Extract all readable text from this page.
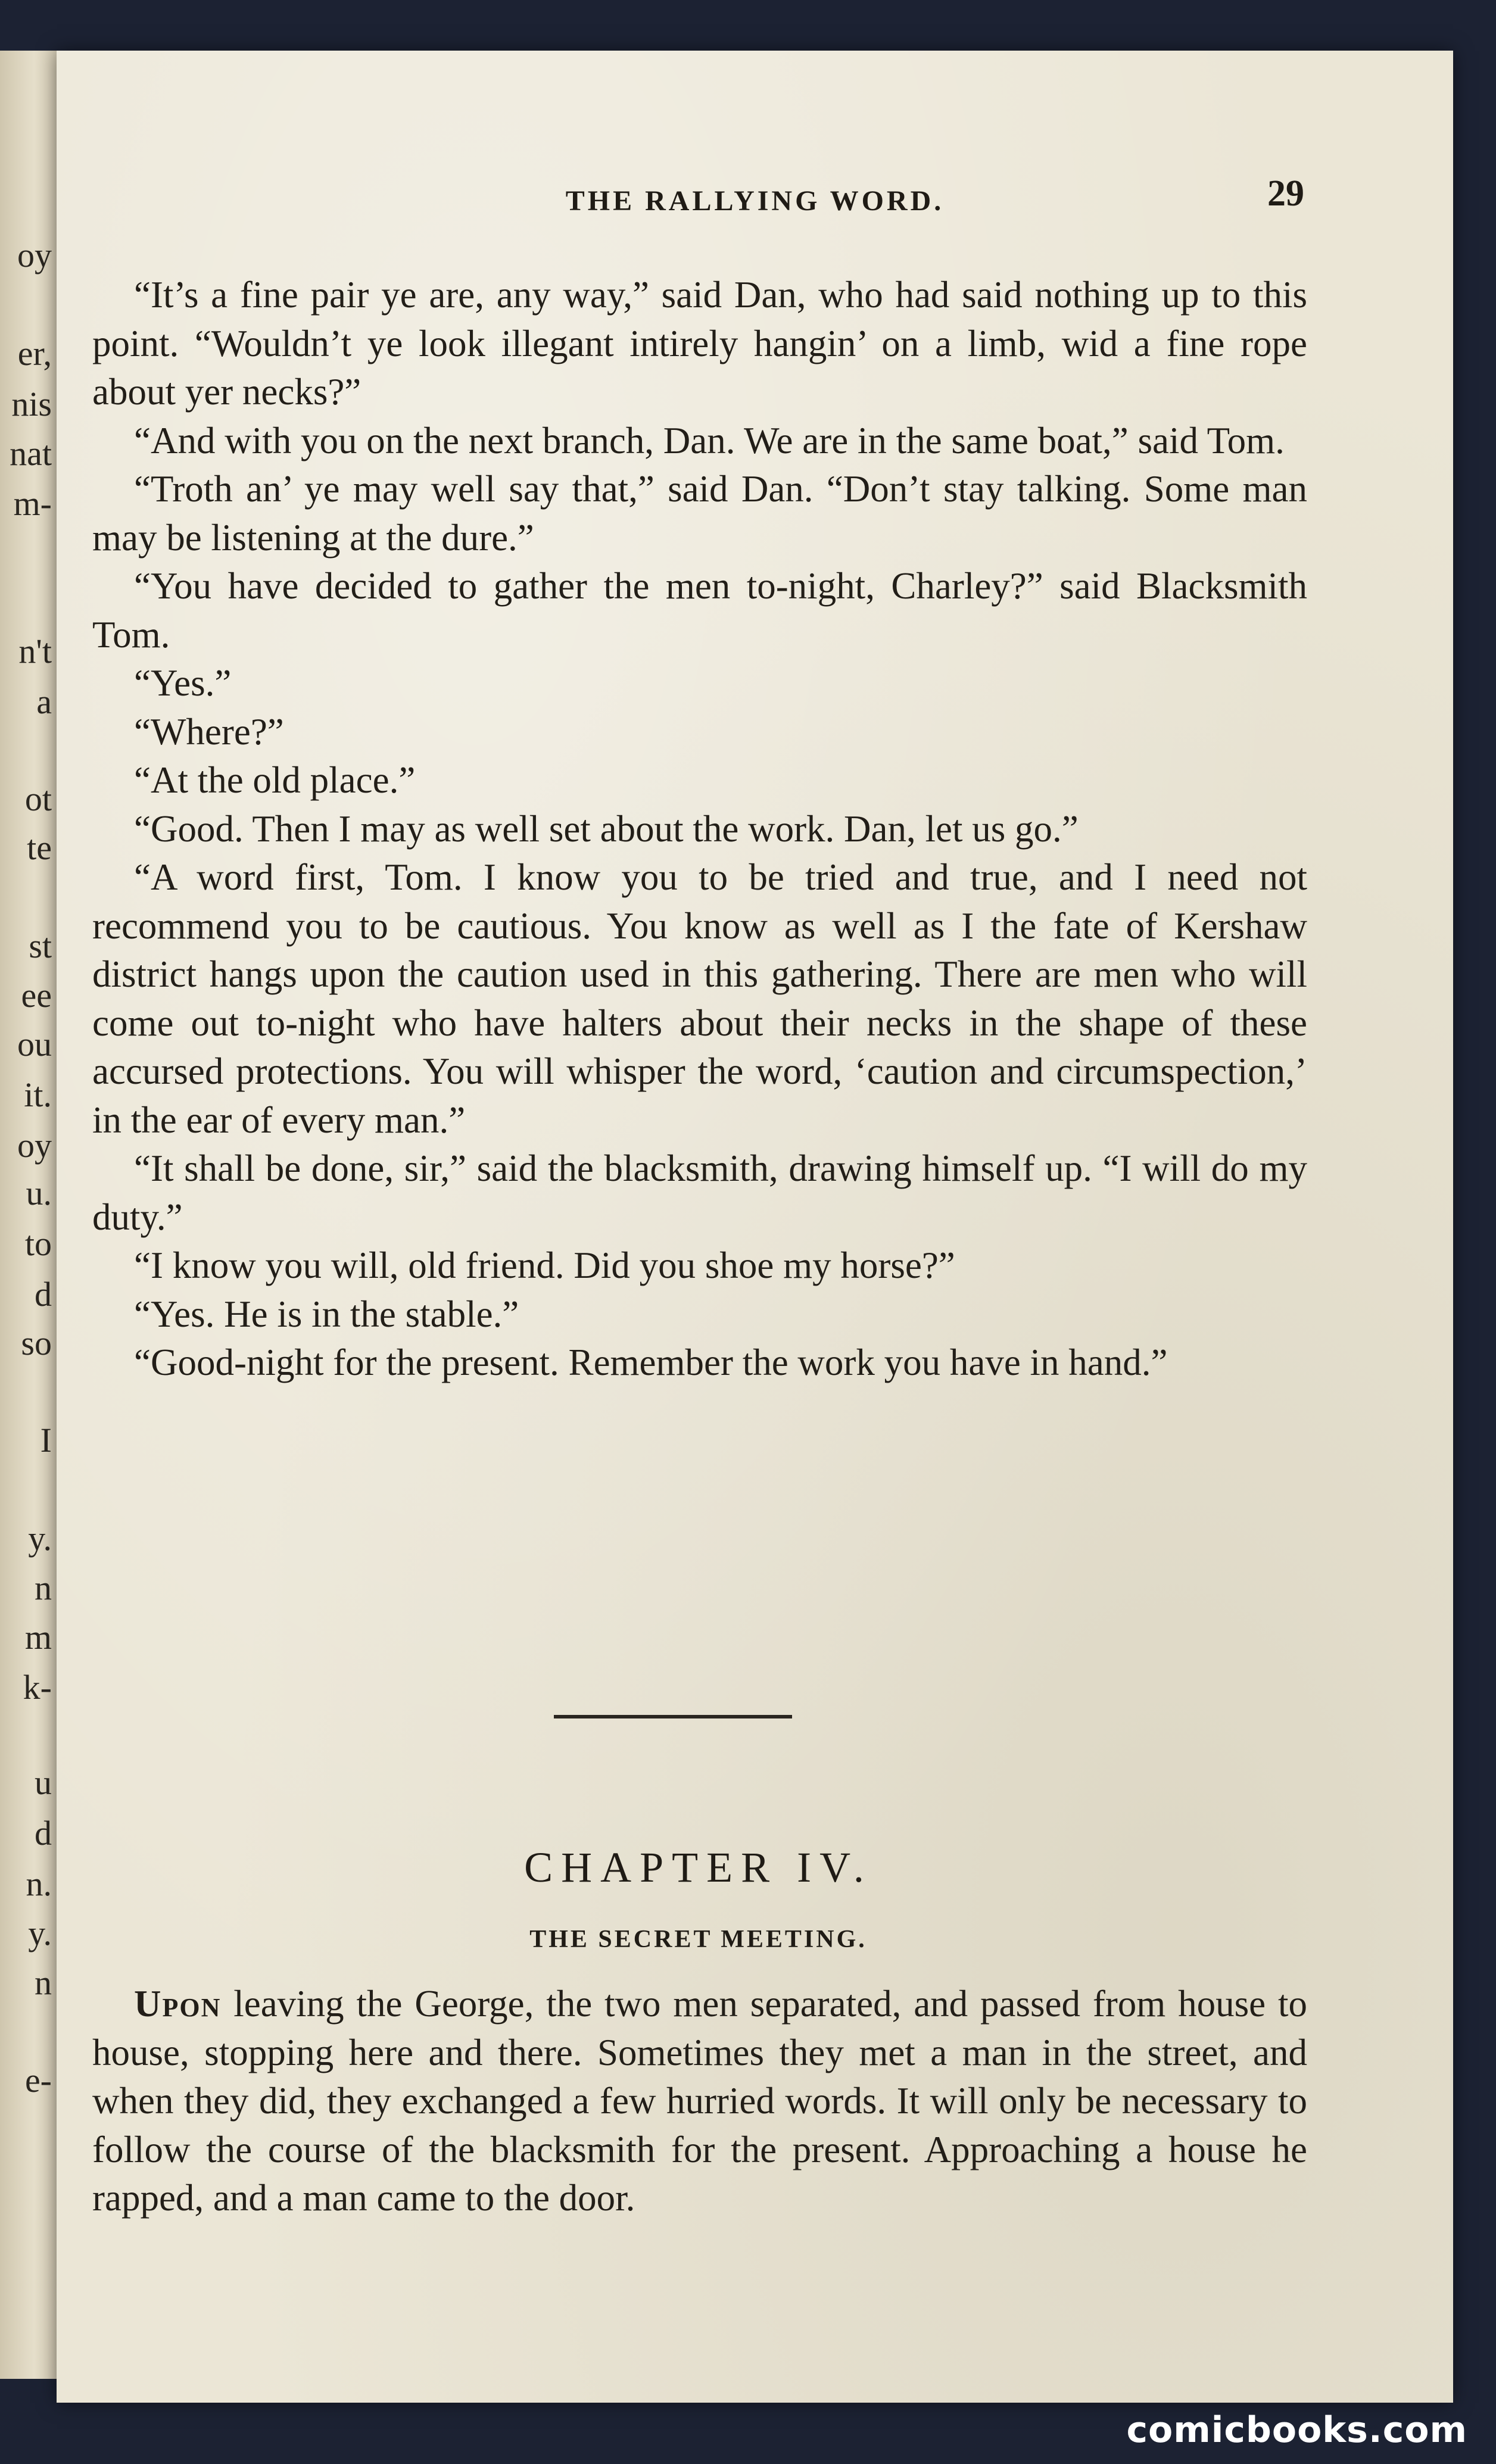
oy
er,
nis
nat
m-
n't
a
ot
te
st
ee
ou
it.
oy
u.
to
d
so
I
y.
n
m
k-
u
d
n.
y.
n
e-
THE RALLYING WORD.	29

“It’s a fine pair ye are, any way,” said Dan, who had said nothing up to this point. “Wouldn’t ye look illegant intirely hangin’ on a limb, wid a fine rope about yer necks?”

“And with you on the next branch, Dan. We are in the same boat,” said Tom.

“Troth an’ ye may well say that,” said Dan. “Don’t stay talking. Some man may be listening at the dure.”

“You have decided to gather the men to-night, Charley?” said Blacksmith Tom.

“Yes.”

“Where?”

“At the old place.”

“Good. Then I may as well set about the work. Dan, let us go.”

“A word first, Tom. I know you to be tried and true, and I need not recommend you to be cautious. You know as well as I the fate of Kershaw district hangs upon the caution used in this gathering. There are men who will come out to-night who have halters about their necks in the shape of these accursed protections. You will whisper the word, ‘caution and circumspection,’ in the ear of every man.”

“It shall be done, sir,” said the blacksmith, drawing himself up. “I will do my duty.”

“I know you will, old friend. Did you shoe my horse?”

“Yes. He is in the stable.”

“Good-night for the present. Remember the work you have in hand.”

CHAPTER IV.
THE SECRET MEETING.

Upon leaving the George, the two men separated, and passed from house to house, stopping here and there. Sometimes they met a man in the street, and when they did, they exchanged a few hurried words. It will only be necessary to follow the course of the blacksmith for the present. Approaching a house he rapped, and a man came to the door.

comicbooks.com
